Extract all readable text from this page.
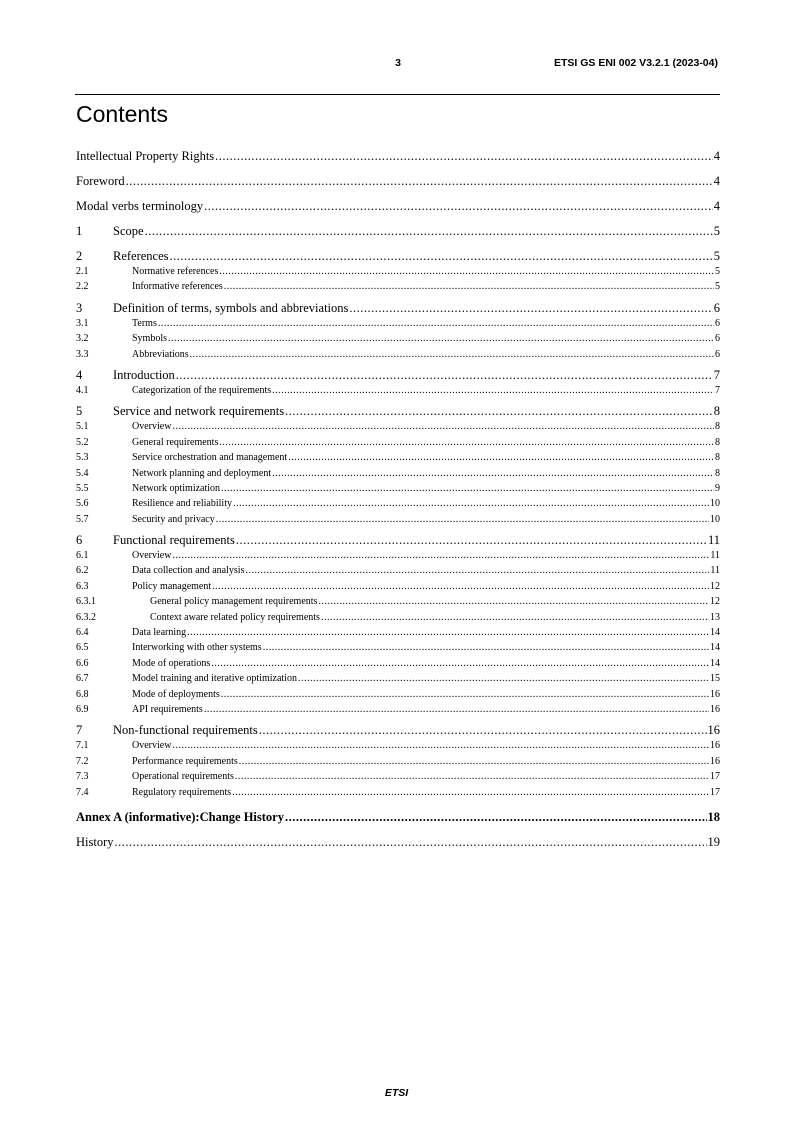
3	ETSI GS ENI 002 V3.2.1 (2023-04)
Contents
Intellectual Property Rights .....	4
Foreword .....	4
Modal verbs terminology .....	4
1	Scope .....	5
2	References .....	5
2.1	Normative references .....	5
2.2	Informative references .....	5
3	Definition of terms, symbols and abbreviations .....	6
3.1	Terms .....	6
3.2	Symbols .....	6
3.3	Abbreviations .....	6
4	Introduction .....	7
4.1	Categorization of the requirements .....	7
5	Service and network requirements .....	8
5.1	Overview .....	8
5.2	General requirements .....	8
5.3	Service orchestration and management .....	8
5.4	Network planning and deployment .....	8
5.5	Network optimization .....	9
5.6	Resilience and reliability .....	10
5.7	Security and privacy .....	10
6	Functional requirements .....	11
6.1	Overview .....	11
6.2	Data collection and analysis .....	11
6.3	Policy management .....	12
6.3.1	General policy management requirements .....	12
6.3.2	Context aware related policy requirements .....	13
6.4	Data learning .....	14
6.5	Interworking with other systems .....	14
6.6	Mode of operations .....	14
6.7	Model training and iterative optimization .....	15
6.8	Mode of deployments .....	16
6.9	API requirements .....	16
7	Non-functional requirements .....	16
7.1	Overview .....	16
7.2	Performance requirements .....	16
7.3	Operational requirements .....	17
7.4	Regulatory requirements .....	17
Annex A (informative): Change History .....	18
History .....	19
ETSI
